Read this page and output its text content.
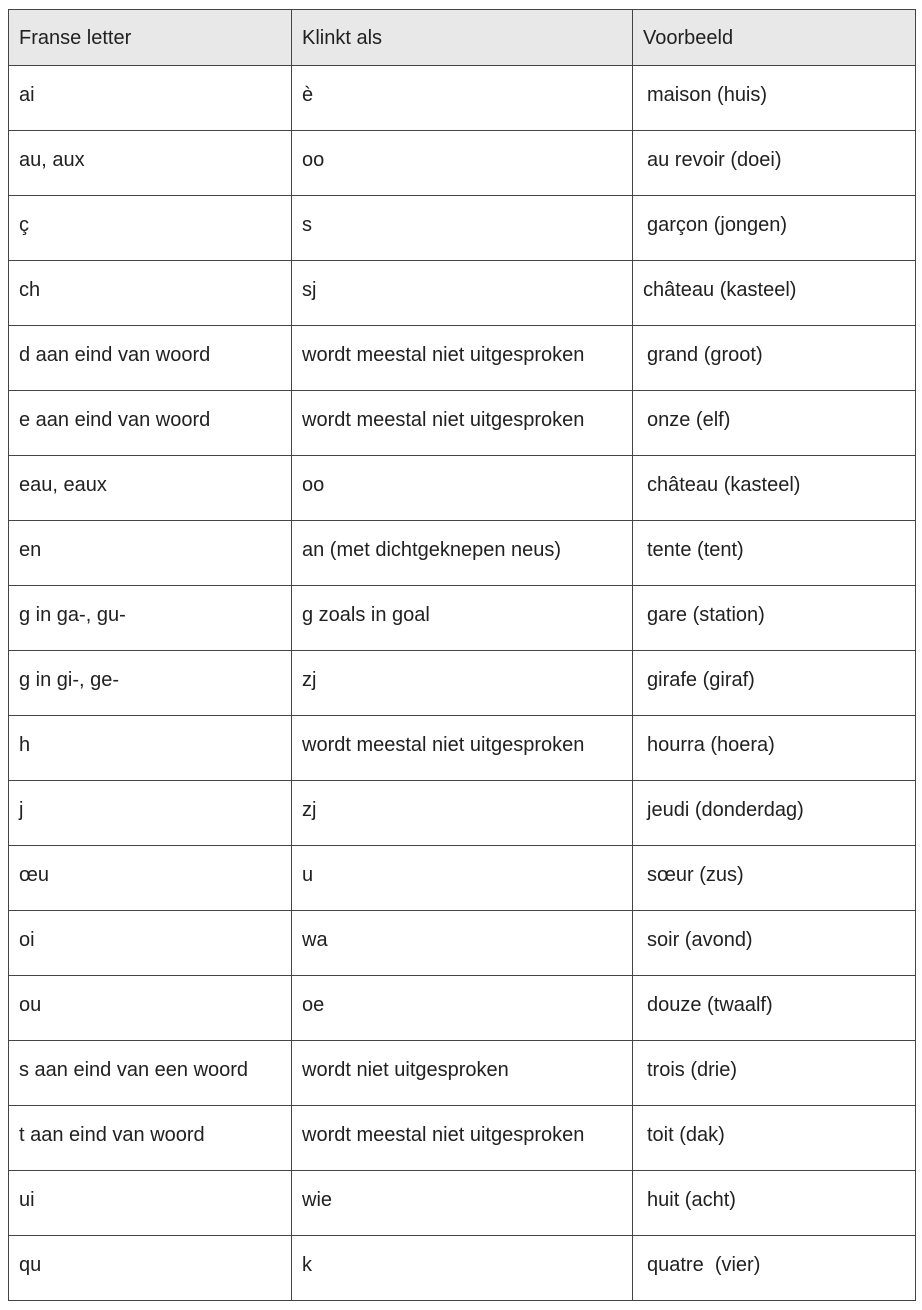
Franse letter	Klinkt als	Voorbeeld
ai	è	maison (huis)
au, aux	oo	au revoir (doei)
ç	s	garçon (jongen)
ch	sj	château (kasteel)
d aan eind van woord	wordt meestal niet uitgesproken	grand (groot)
e aan eind van woord	wordt meestal niet uitgesproken	onze (elf)
eau, eaux	oo	château (kasteel)
en	an (met dichtgeknepen neus)	tente (tent)
g in ga-, gu-	g zoals in goal	gare (station)
g in gi-, ge-	zj	girafe (giraf)
h	wordt meestal niet uitgesproken	hourra (hoera)
j	zj	jeudi (donderdag)
œu	u	sœur (zus)
oi	wa	soir (avond)
ou	oe	douze (twaalf)
s aan eind van een woord	wordt niet uitgesproken	trois (drie)
t aan eind van woord	wordt meestal niet uitgesproken	toit (dak)
ui	wie	huit (acht)
qu	k	quatre  (vier)
